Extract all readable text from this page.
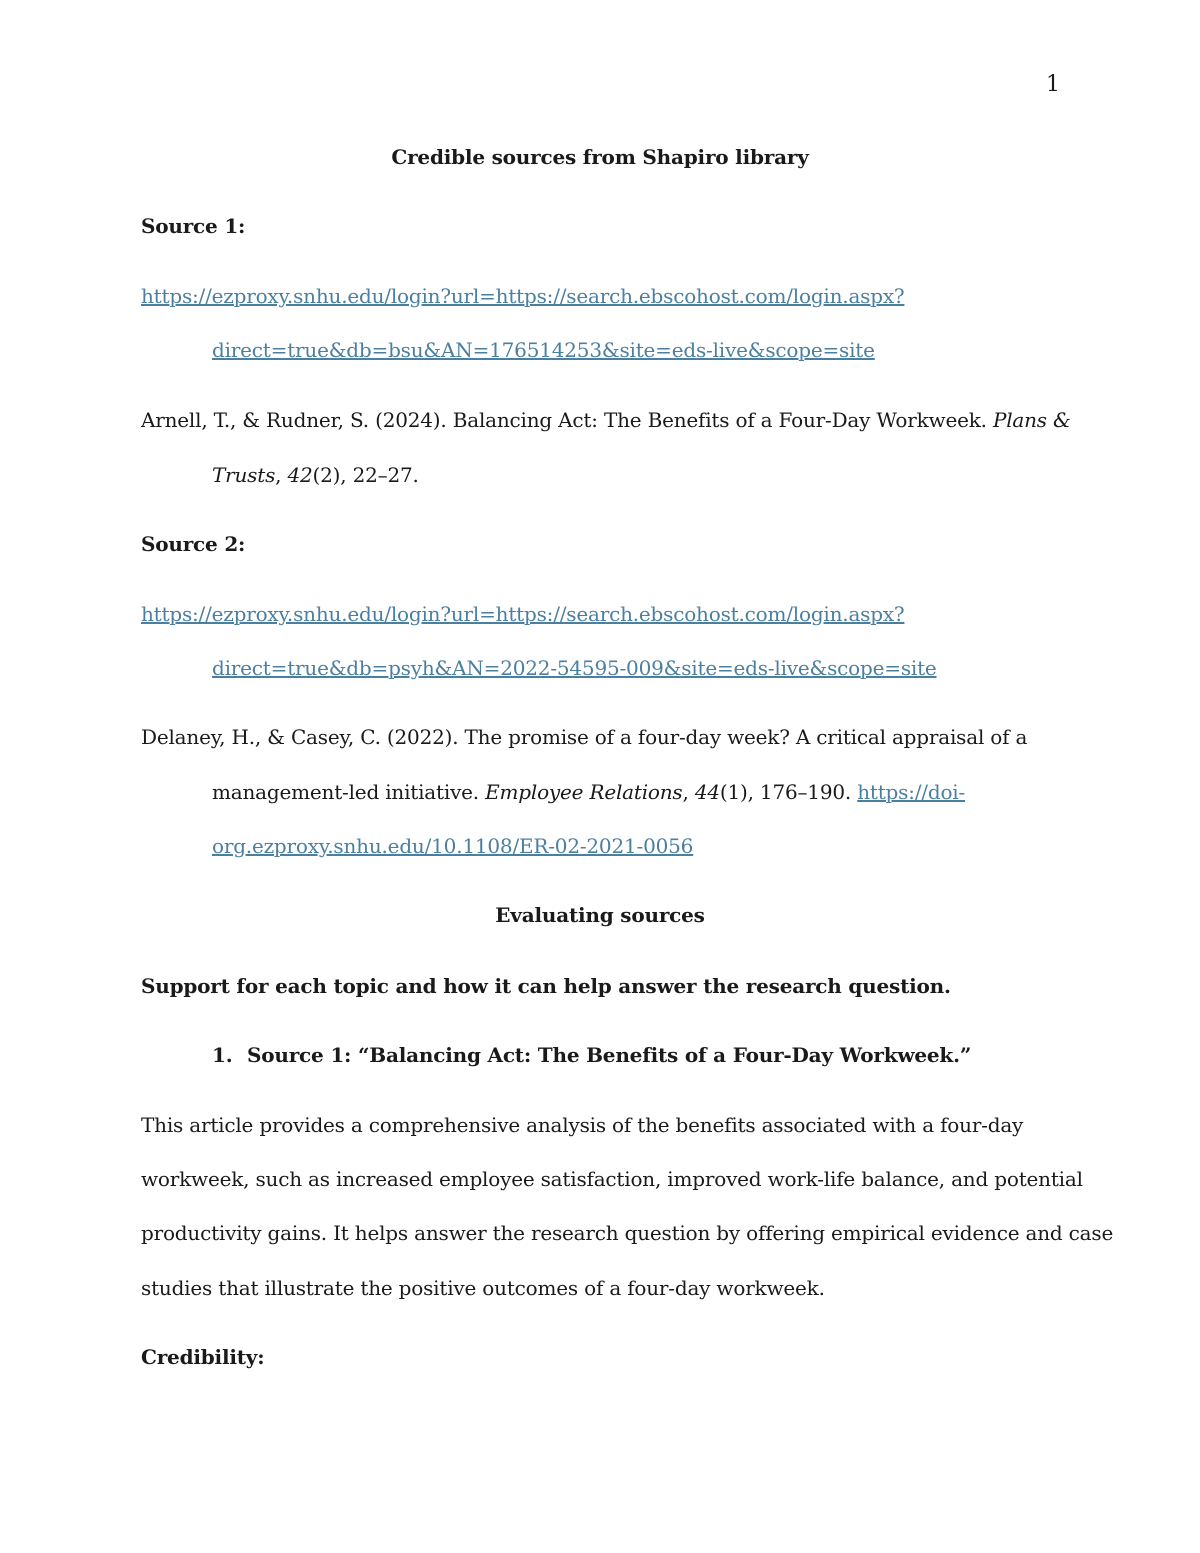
1
Credible sources from Shapiro library
Source 1:
https://ezproxy.snhu.edu/login?url=https://search.ebscohost.com/login.aspx?
direct=true&db=bsu&AN=176514253&site=eds-live&scope=site
Arnell, T., & Rudner, S. (2024). Balancing Act: The Benefits of a Four-Day Workweek. Plans &
Trusts, 42(2), 22–27.
Source 2:
https://ezproxy.snhu.edu/login?url=https://search.ebscohost.com/login.aspx?
direct=true&db=psyh&AN=2022-54595-009&site=eds-live&scope=site
Delaney, H., & Casey, C. (2022). The promise of a four-day week? A critical appraisal of a
management-led initiative. Employee Relations, 44(1), 176–190. https://doi-
org.ezproxy.snhu.edu/10.1108/ER-02-2021-0056
Evaluating sources
Support for each topic and how it can help answer the research question.
1. Source 1: “Balancing Act: The Benefits of a Four-Day Workweek.”
This article provides a comprehensive analysis of the benefits associated with a four-day
workweek, such as increased employee satisfaction, improved work-life balance, and potential
productivity gains. It helps answer the research question by offering empirical evidence and case
studies that illustrate the positive outcomes of a four-day workweek.
Credibility:
